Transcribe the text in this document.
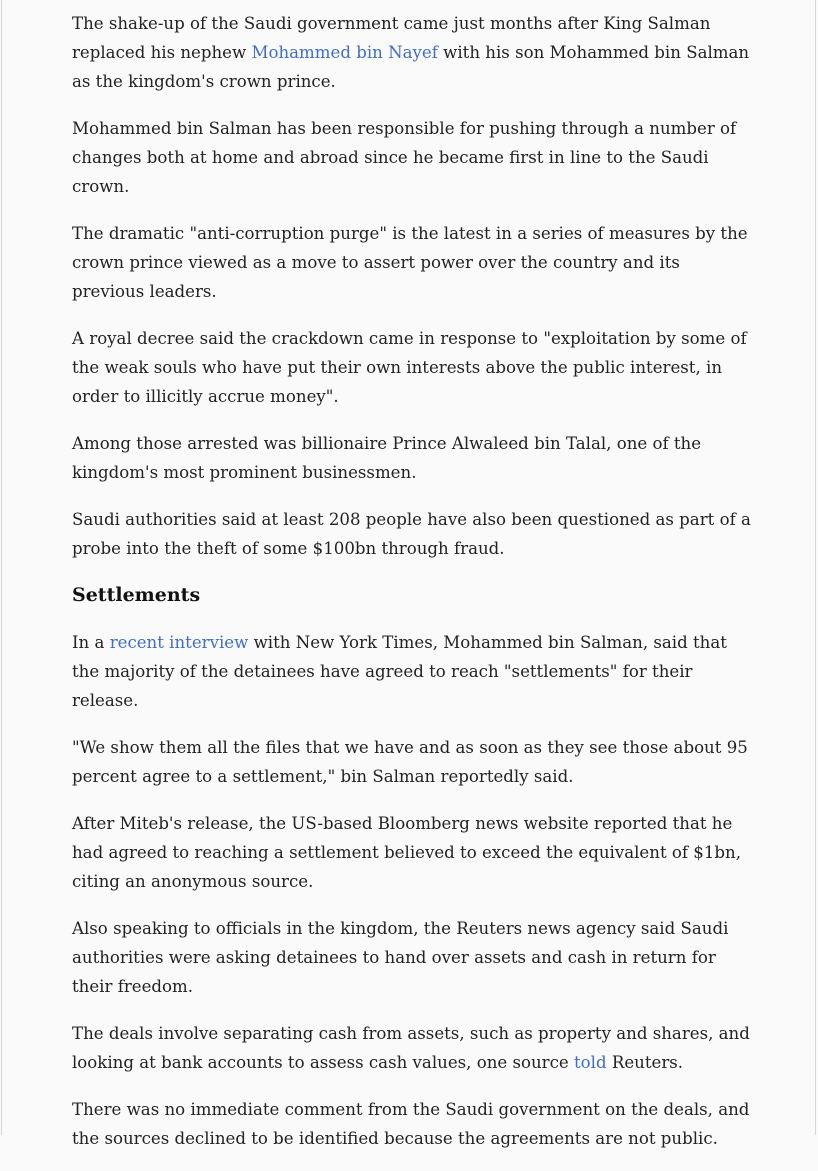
The shake-up of the Saudi government came just months after King Salman replaced his nephew Mohammed bin Nayef with his son Mohammed bin Salman as the kingdom's crown prince.

Mohammed bin Salman has been responsible for pushing through a number of changes both at home and abroad since he became first in line to the Saudi crown.

The dramatic "anti-corruption purge" is the latest in a series of measures by the crown prince viewed as a move to assert power over the country and its previous leaders.

A royal decree said the crackdown came in response to "exploitation by some of the weak souls who have put their own interests above the public interest, in order to illicitly accrue money".

Among those arrested was billionaire Prince Alwaleed bin Talal, one of the kingdom's most prominent businessmen.

Saudi authorities said at least 208 people have also been questioned as part of a probe into the theft of some $100bn through fraud.

Settlements

In a recent interview with New York Times, Mohammed bin Salman, said that the majority of the detainees have agreed to reach "settlements" for their release.

"We show them all the files that we have and as soon as they see those about 95 percent agree to a settlement," bin Salman reportedly said.

After Miteb's release, the US-based Bloomberg news website reported that he had agreed to reaching a settlement believed to exceed the equivalent of $1bn, citing an anonymous source.

Also speaking to officials in the kingdom, the Reuters news agency said Saudi authorities were asking detainees to hand over assets and cash in return for their freedom.

The deals involve separating cash from assets, such as property and shares, and looking at bank accounts to assess cash values, one source told Reuters.

There was no immediate comment from the Saudi government on the deals, and the sources declined to be identified because the agreements are not public.
